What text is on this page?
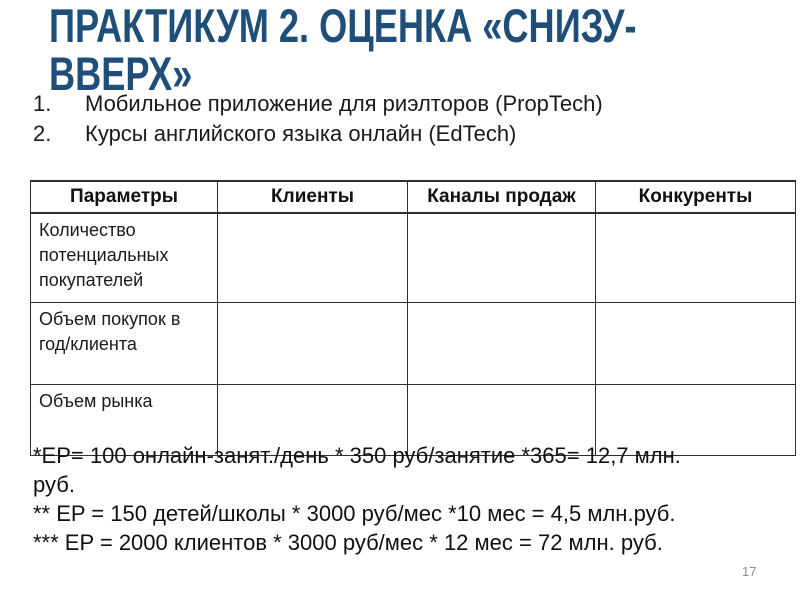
ПРАКТИКУМ 2. ОЦЕНКА «СНИЗУ-
ВВЕРХ»
1.	Мобильное приложение для риэлторов (PropTech)
2.	Курсы английского языка онлайн (EdTech)
Параметры	Клиенты	Каналы продаж	Конкуренты
Количество потенциальных покупателей			
Объем покупок в год/клиента			
Объем рынка			
*EP= 100 онлайн-занят./день * 350 руб/занятие *365= 12,7 млн.
руб.
** EP = 150 детей/школы * 3000 руб/мес *10 мес = 4,5 млн.руб.
*** EP = 2000 клиентов * 3000 руб/мес * 12 мес = 72 млн. руб.
17
